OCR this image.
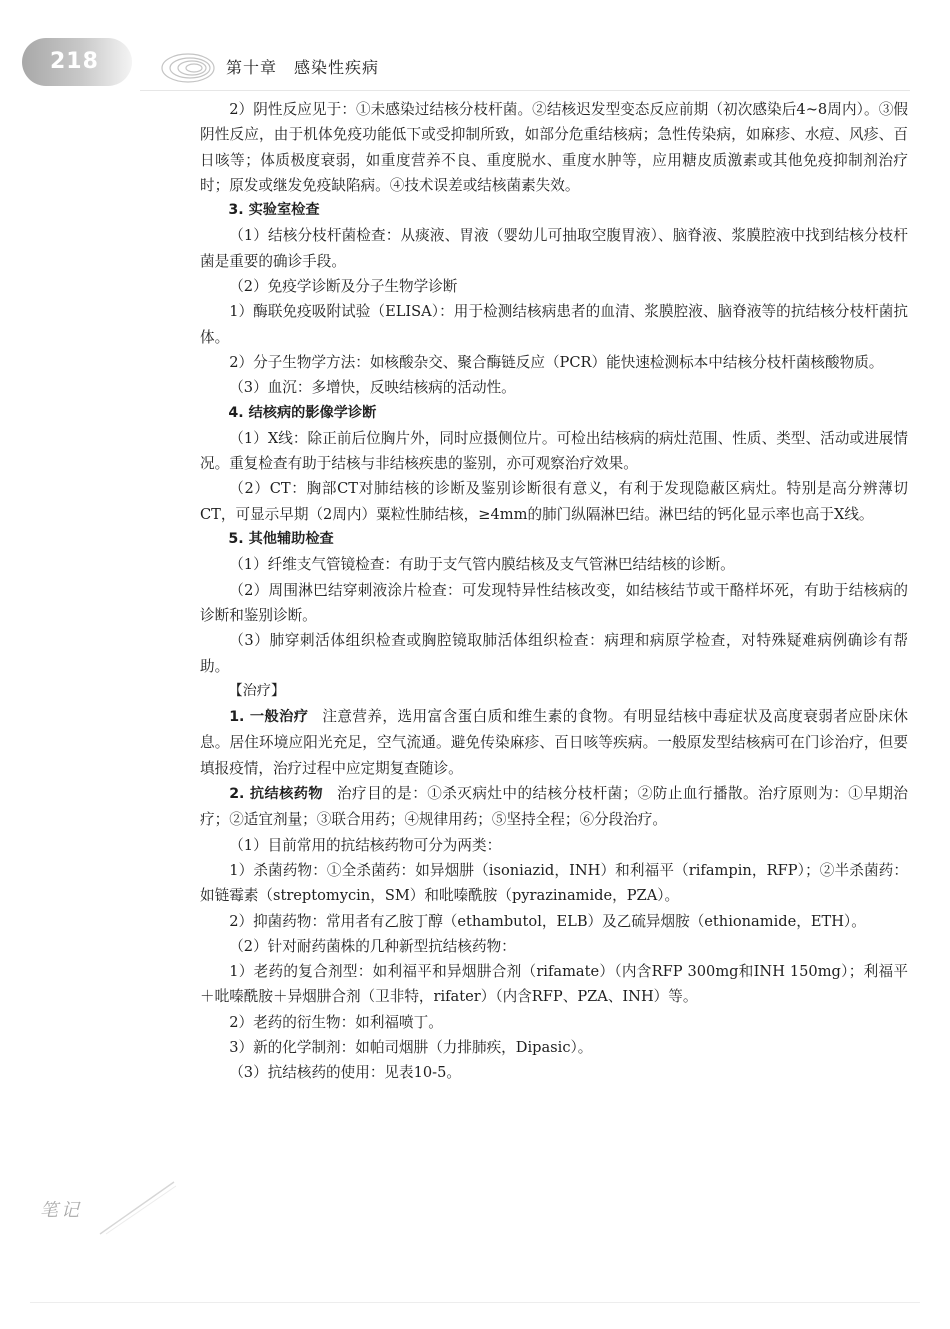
218	第十章　感染性疾病

2）阴性反应见于：①未感染过结核分枝杆菌。②结核迟发型变态反应前期（初次感染后4~8周内）。③假阴性反应，由于机体免疫功能低下或受抑制所致，如部分危重结核病；急性传染病，如麻疹、水痘、风疹、百日咳等；体质极度衰弱，如重度营养不良、重度脱水、重度水肿等，应用糖皮质激素或其他免疫抑制剂治疗时；原发或继发免疫缺陷病。④技术误差或结核菌素失效。

3. 实验室检查

（1）结核分枝杆菌检查：从痰液、胃液（婴幼儿可抽取空腹胃液）、脑脊液、浆膜腔液中找到结核分枝杆菌是重要的确诊手段。

（2）免疫学诊断及分子生物学诊断

1）酶联免疫吸附试验（ELISA）：用于检测结核病患者的血清、浆膜腔液、脑脊液等的抗结核分枝杆菌抗体。

2）分子生物学方法：如核酸杂交、聚合酶链反应（PCR）能快速检测标本中结核分枝杆菌核酸物质。

（3）血沉：多增快，反映结核病的活动性。

4. 结核病的影像学诊断

（1）X线：除正前后位胸片外，同时应摄侧位片。可检出结核病的病灶范围、性质、类型、活动或进展情况。重复检查有助于结核与非结核疾患的鉴别，亦可观察治疗效果。

（2）CT：胸部CT对肺结核的诊断及鉴别诊断很有意义，有利于发现隐蔽区病灶。特别是高分辨薄切CT，可显示早期（2周内）粟粒性肺结核，≥4mm的肺门纵隔淋巴结。淋巴结的钙化显示率也高于X线。

5. 其他辅助检查

（1）纤维支气管镜检查：有助于支气管内膜结核及支气管淋巴结结核的诊断。

（2）周围淋巴结穿刺液涂片检查：可发现特异性结核改变，如结核结节或干酪样坏死，有助于结核病的诊断和鉴别诊断。

（3）肺穿刺活体组织检查或胸腔镜取肺活体组织检查：病理和病原学检查，对特殊疑难病例确诊有帮助。

【治疗】

1. 一般治疗 注意营养，选用富含蛋白质和维生素的食物。有明显结核中毒症状及高度衰弱者应卧床休息。居住环境应阳光充足，空气流通。避免传染麻疹、百日咳等疾病。一般原发型结核病可在门诊治疗，但要填报疫情，治疗过程中应定期复查随诊。

2. 抗结核药物 治疗目的是：①杀灭病灶中的结核分枝杆菌；②防止血行播散。治疗原则为：①早期治疗；②适宜剂量；③联合用药；④规律用药；⑤坚持全程；⑥分段治疗。

（1）目前常用的抗结核药物可分为两类：

1）杀菌药物：①全杀菌药：如异烟肼（isoniazid，INH）和利福平（rifampin，RFP）；②半杀菌药：如链霉素（streptomycin，SM）和吡嗪酰胺（pyrazinamide，PZA）。

2）抑菌药物：常用者有乙胺丁醇（ethambutol，ELB）及乙硫异烟胺（ethionamide，ETH）。

（2）针对耐药菌株的几种新型抗结核药物：

1）老药的复合剂型：如利福平和异烟肼合剂（rifamate）（内含RFP 300mg和INH 150mg）；利福平＋吡嗪酰胺＋异烟肼合剂（卫非特，rifater）（内含RFP、PZA、INH）等。

2）老药的衍生物：如利福喷丁。

3）新的化学制剂：如帕司烟肼（力排肺疾，Dipasic）。

（3）抗结核药的使用：见表10-5。

笔记
